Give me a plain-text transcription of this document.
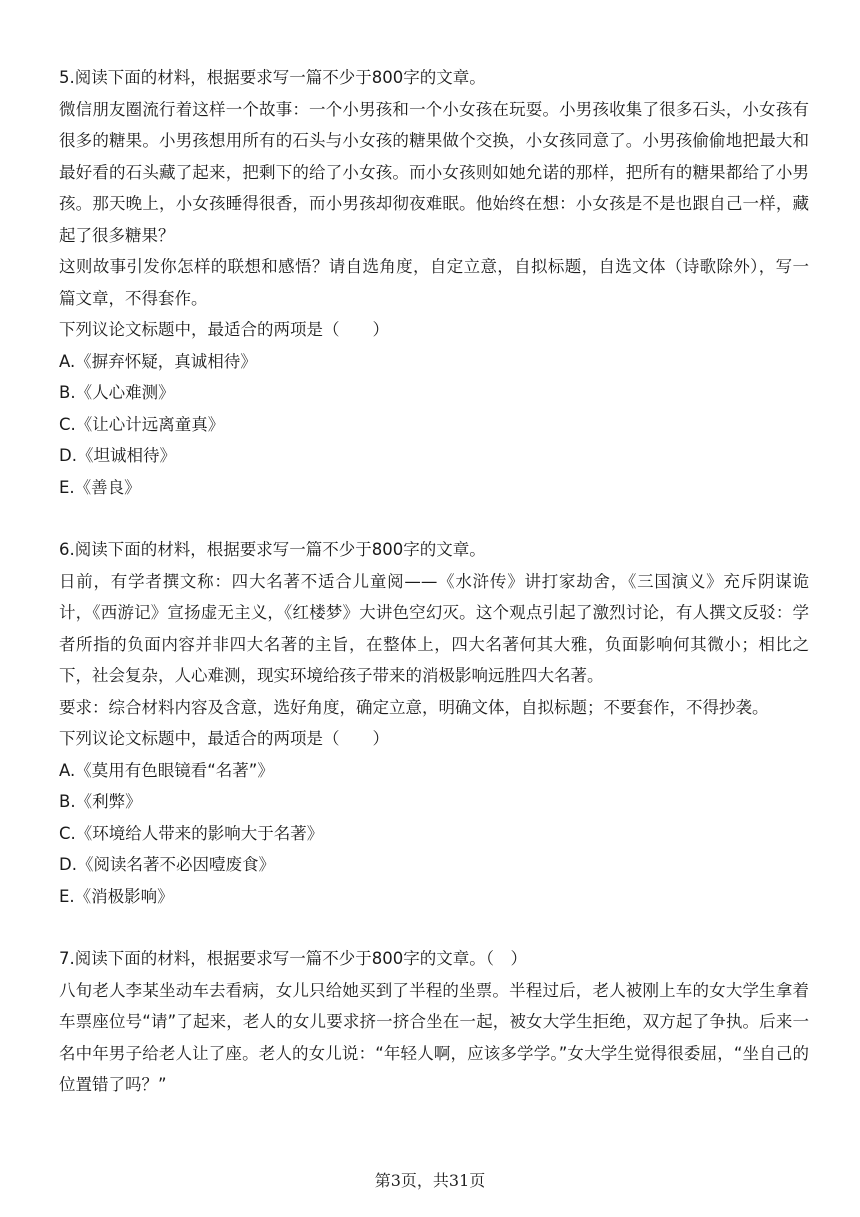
5.阅读下面的材料，根据要求写一篇不少于800字的文章。

微信朋友圈流行着这样一个故事：一个小男孩和一个小女孩在玩耍。小男孩收集了很多石头，小女孩有很多的糖果。小男孩想用所有的石头与小女孩的糖果做个交换，小女孩同意了。小男孩偷偷地把最大和最好看的石头藏了起来，把剩下的给了小女孩。而小女孩则如她允诺的那样，把所有的糖果都给了小男孩。那天晚上，小女孩睡得很香，而小男孩却彻夜难眠。他始终在想：小女孩是不是也跟自己一样，藏起了很多糖果？

这则故事引发你怎样的联想和感悟？请自选角度，自定立意，自拟标题，自选文体（诗歌除外），写一篇文章，不得套作。

下列议论文标题中，最适合的两项是（　　）

A.《摒弃怀疑，真诚相待》
B.《人心难测》
C.《让心计远离童真》
D.《坦诚相待》
E.《善良》

6.阅读下面的材料，根据要求写一篇不少于800字的文章。

日前，有学者撰文称：四大名著不适合儿童阅——《水浒传》讲打家劫舍，《三国演义》充斥阴谋诡计，《西游记》宣扬虚无主义，《红楼梦》大讲色空幻灭。这个观点引起了激烈讨论，有人撰文反驳：学者所指的负面内容并非四大名著的主旨，在整体上，四大名著何其大雅，负面影响何其微小；相比之下，社会复杂，人心难测，现实环境给孩子带来的消极影响远胜四大名著。

要求：综合材料内容及含意，选好角度，确定立意，明确文体，自拟标题；不要套作，不得抄袭。

下列议论文标题中，最适合的两项是（　　）

A.《莫用有色眼镜看“名著”》
B.《利弊》
C.《环境给人带来的影响大于名著》
D.《阅读名著不必因噎废食》
E.《消极影响》

7.阅读下面的材料，根据要求写一篇不少于800字的文章。（　）

八旬老人李某坐动车去看病，女儿只给她买到了半程的坐票。半程过后，老人被刚上车的女大学生拿着车票座位号“请”了起来，老人的女儿要求挤一挤合坐在一起，被女大学生拒绝，双方起了争执。后来一名中年男子给老人让了座。老人的女儿说：“年轻人啊，应该多学学。”女大学生觉得很委屈，“坐自己的位置错了吗？”

第3页，共31页
